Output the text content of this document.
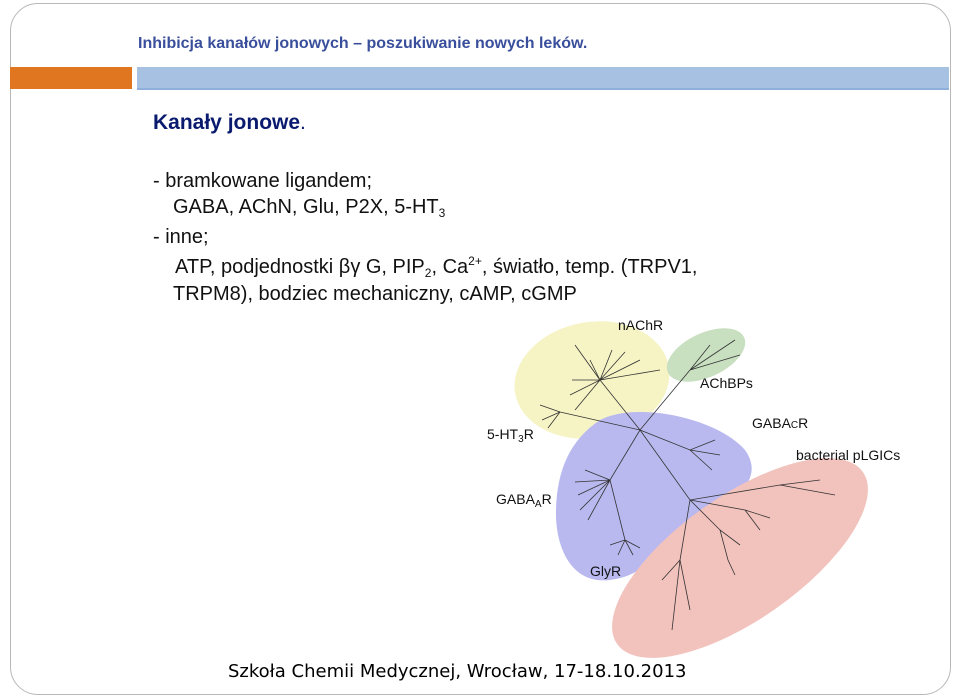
Inhibicja kanałów jonowych – poszukiwanie nowych leków.
Kanały jonowe.
- bramkowane ligandem;
GABA, AChN, Glu, P2X, $5-HT_3$
- inne;
ATP, podjednostki βγ G, $PIP_2$, $Ca^{2+}$, światło, temp. (TRPV1,
TRPM8), bodziec mechaniczny, cAMP, cGMP
nAChR
AChBPs
GABACR
bacterial pLGICs
$5-HT_3R$
$GABA_AR$
GlyR
Szkoła Chemii Medycznej, Wrocław, 17-18.10.2013
